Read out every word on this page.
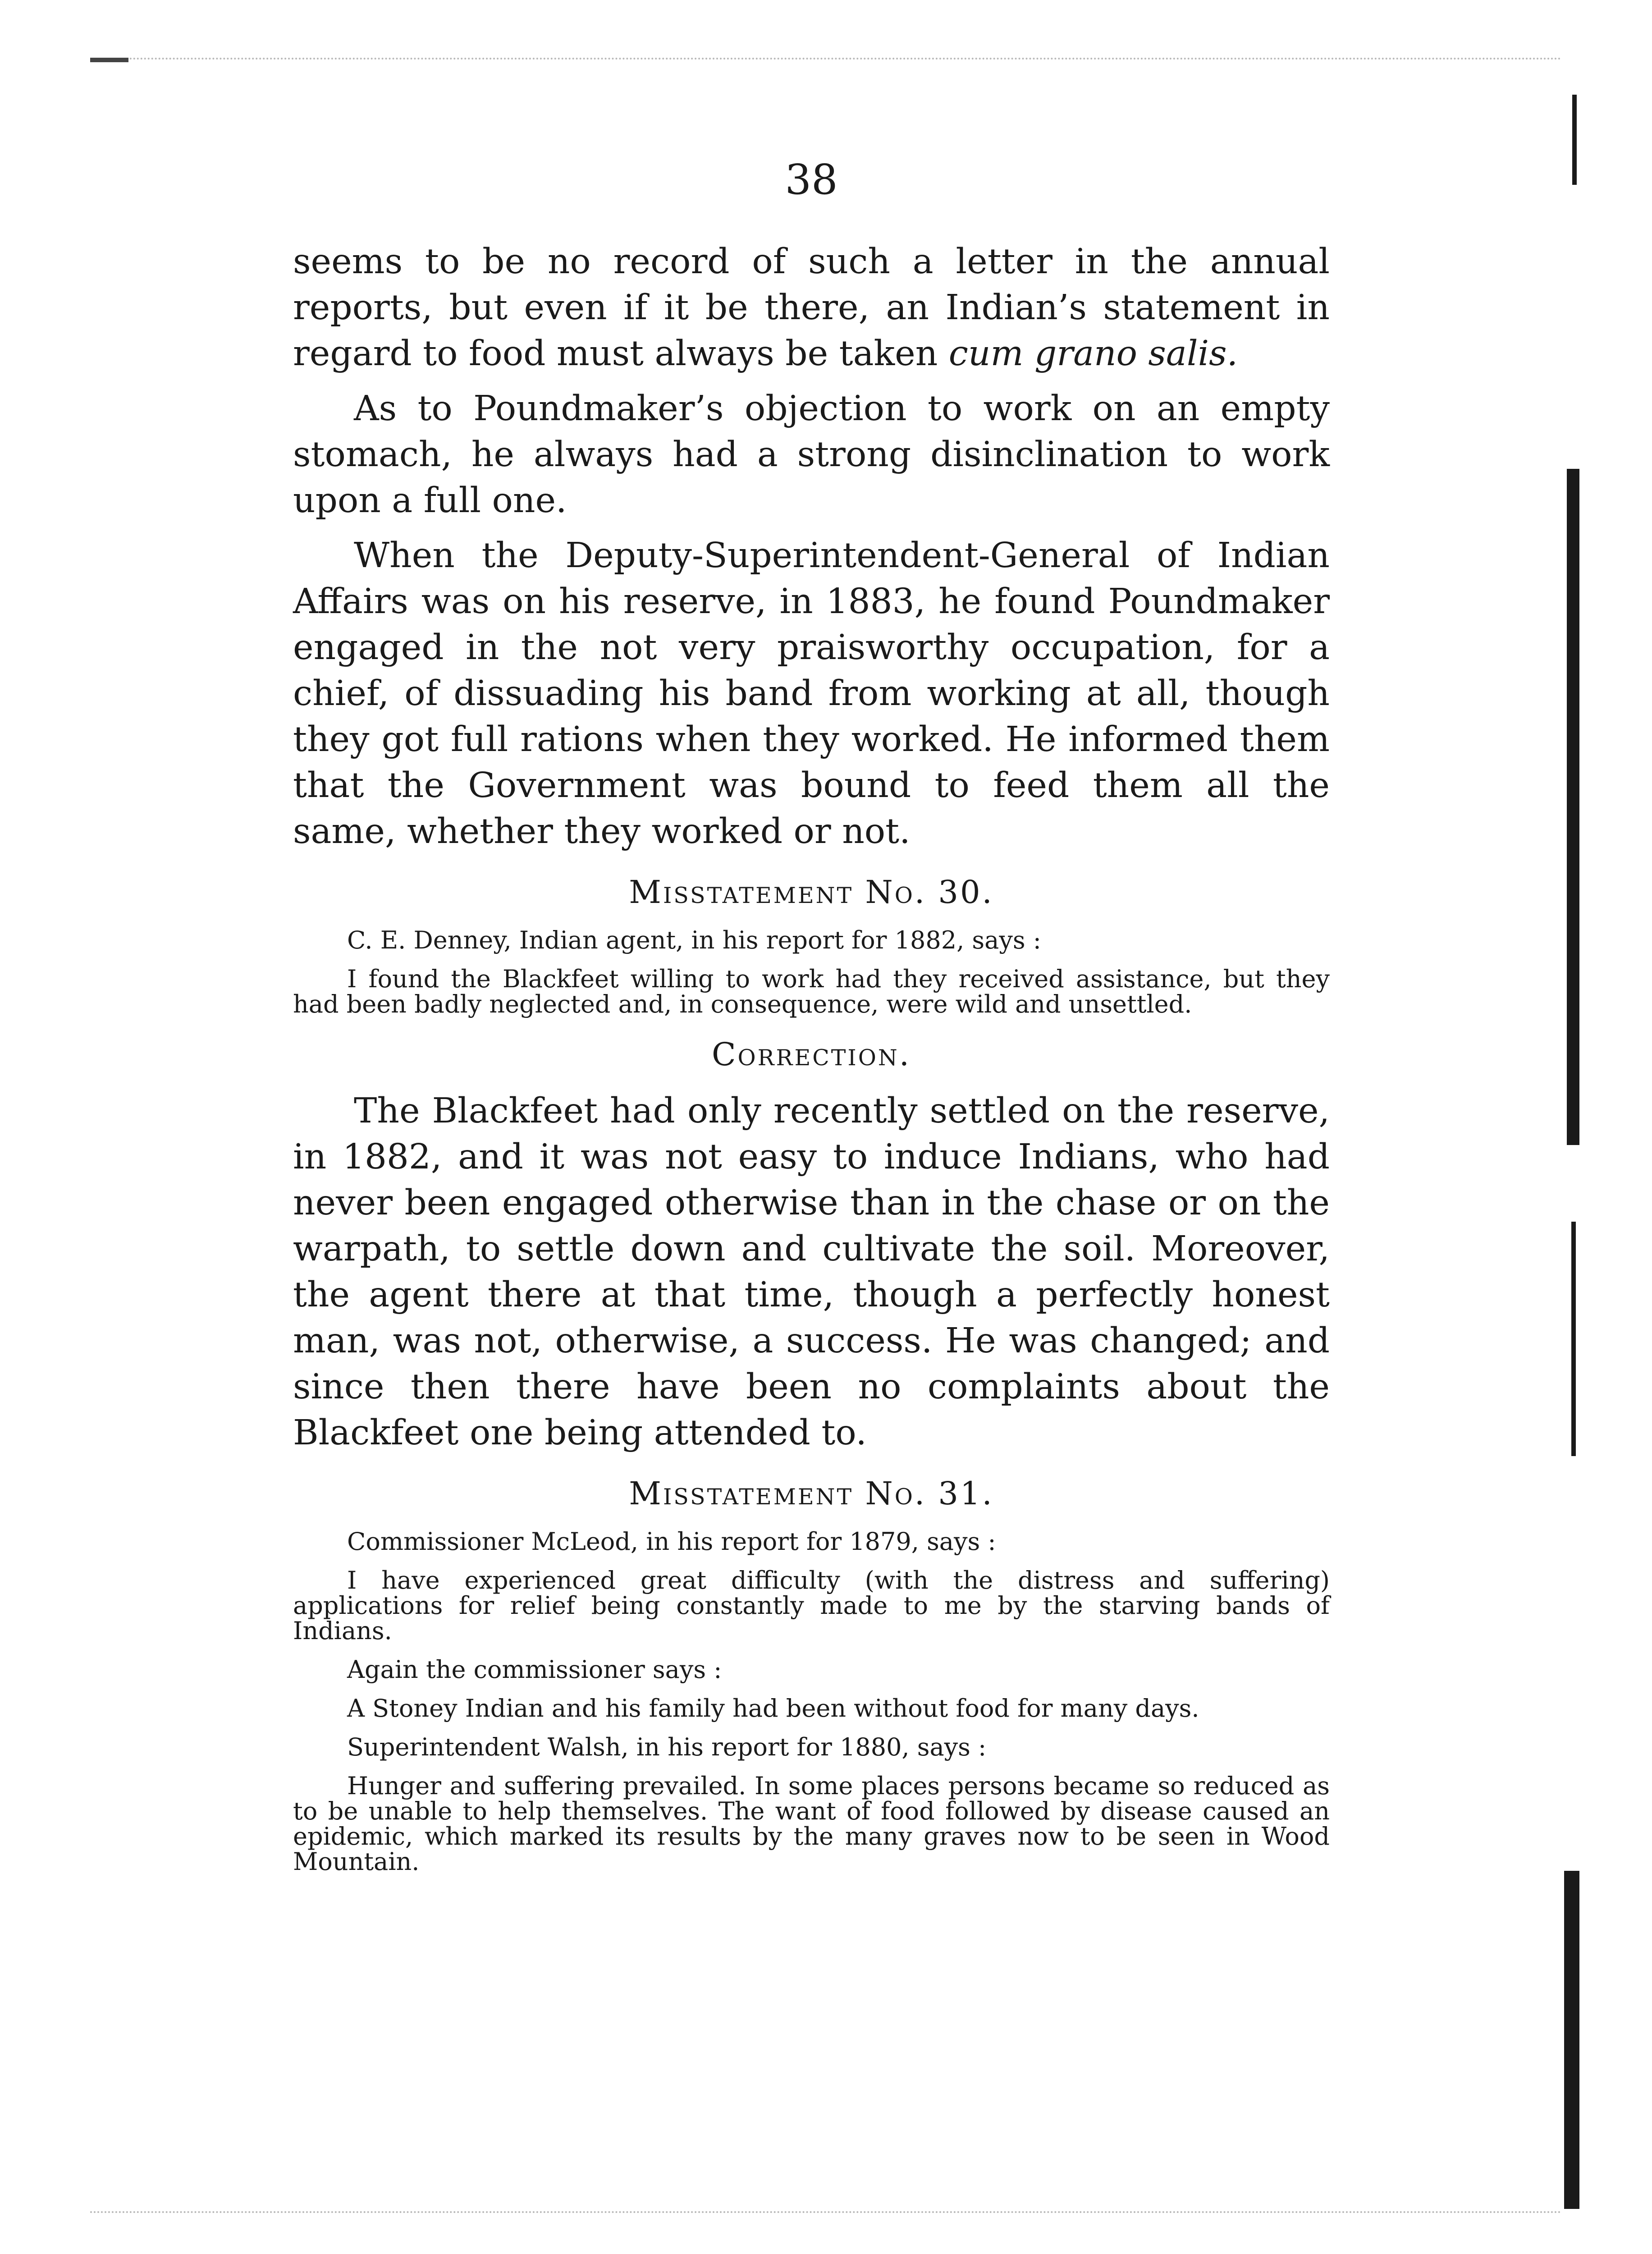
38

seems to be no record of such a letter in the annual reports, but even if it be there, an Indian’s statement in regard to food must always be taken cum grano salis.

As to Poundmaker’s objection to work on an empty stomach, he always had a strong disinclination to work upon a full one.

When the Deputy-Superintendent-General of Indian Affairs was on his reserve, in 1883, he found Poundmaker engaged in the not very praisworthy occupation, for a chief, of dissuading his band from working at all, though they got full rations when they worked. He informed them that the Government was bound to feed them all the same, whether they worked or not.

Misstatement No. 30.

C. E. Denney, Indian agent, in his report for 1882, says :

I found the Blackfeet willing to work had they received assistance, but they had been badly neglected and, in consequence, were wild and unsettled.

Correction.

The Blackfeet had only recently settled on the reserve, in 1882, and it was not easy to induce Indians, who had never been engaged otherwise than in the chase or on the warpath, to settle down and cultivate the soil. Moreover, the agent there at that time, though a perfectly honest man, was not, otherwise, a success. He was changed; and since then there have been no complaints about the Blackfeet one being attended to.

Misstatement No. 31.

Commissioner McLeod, in his report for 1879, says :

I have experienced great difficulty (with the distress and suffering) applications for relief being constantly made to me by the starving bands of Indians.

Again the commissioner says :

A Stoney Indian and his family had been without food for many days.

Superintendent Walsh, in his report for 1880, says :

Hunger and suffering prevailed. In some places persons became so reduced as to be unable to help themselves. The want of food followed by disease caused an epidemic, which marked its results by the many graves now to be seen in Wood Mountain.
